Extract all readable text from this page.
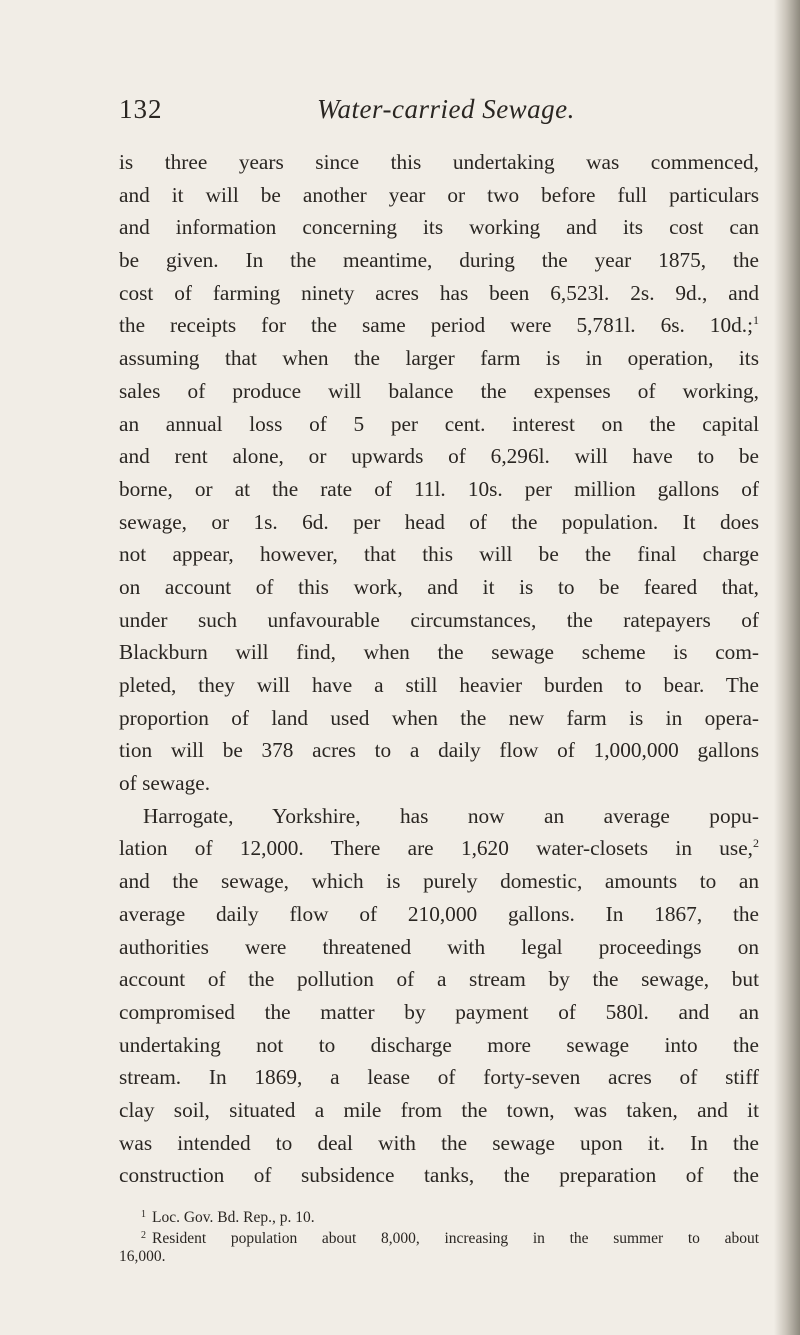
132	Water-carried Sewage.
is three years since this undertaking was commenced,
and it will be another year or two before full particulars
and information concerning its working and its cost can
be given. In the meantime, during the year 1875, the
cost of farming ninety acres has been 6,523l. 2s. 9d., and
the receipts for the same period were 5,781l. 6s. 10d.;$^1$
assuming that when the larger farm is in operation, its
sales of produce will balance the expenses of working,
an annual loss of 5 per cent. interest on the capital
and rent alone, or upwards of 6,296l. will have to be
borne, or at the rate of 11l. 10s. per million gallons of
sewage, or 1s. 6d. per head of the population. It does
not appear, however, that this will be the final charge
on account of this work, and it is to be feared that,
under such unfavourable circumstances, the ratepayers of
Blackburn will find, when the sewage scheme is com-
pleted, they will have a still heavier burden to bear. The
proportion of land used when the new farm is in opera-
tion will be 378 acres to a daily flow of 1,000,000 gallons
of sewage.
Harrogate, Yorkshire, has now an average popu-
lation of 12,000. There are 1,620 water-closets in use,$^2$
and the sewage, which is purely domestic, amounts to an
average daily flow of 210,000 gallons. In 1867, the
authorities were threatened with legal proceedings on
account of the pollution of a stream by the sewage, but
compromised the matter by payment of 580l. and an
undertaking not to discharge more sewage into the
stream. In 1869, a lease of forty-seven acres of stiff
clay soil, situated a mile from the town, was taken, and it
was intended to deal with the sewage upon it. In the
construction of subsidence tanks, the preparation of the
$^1$ Loc. Gov. Bd. Rep., p. 10.
$^2$ Resident population about 8,000, increasing in the summer to about
16,000.
